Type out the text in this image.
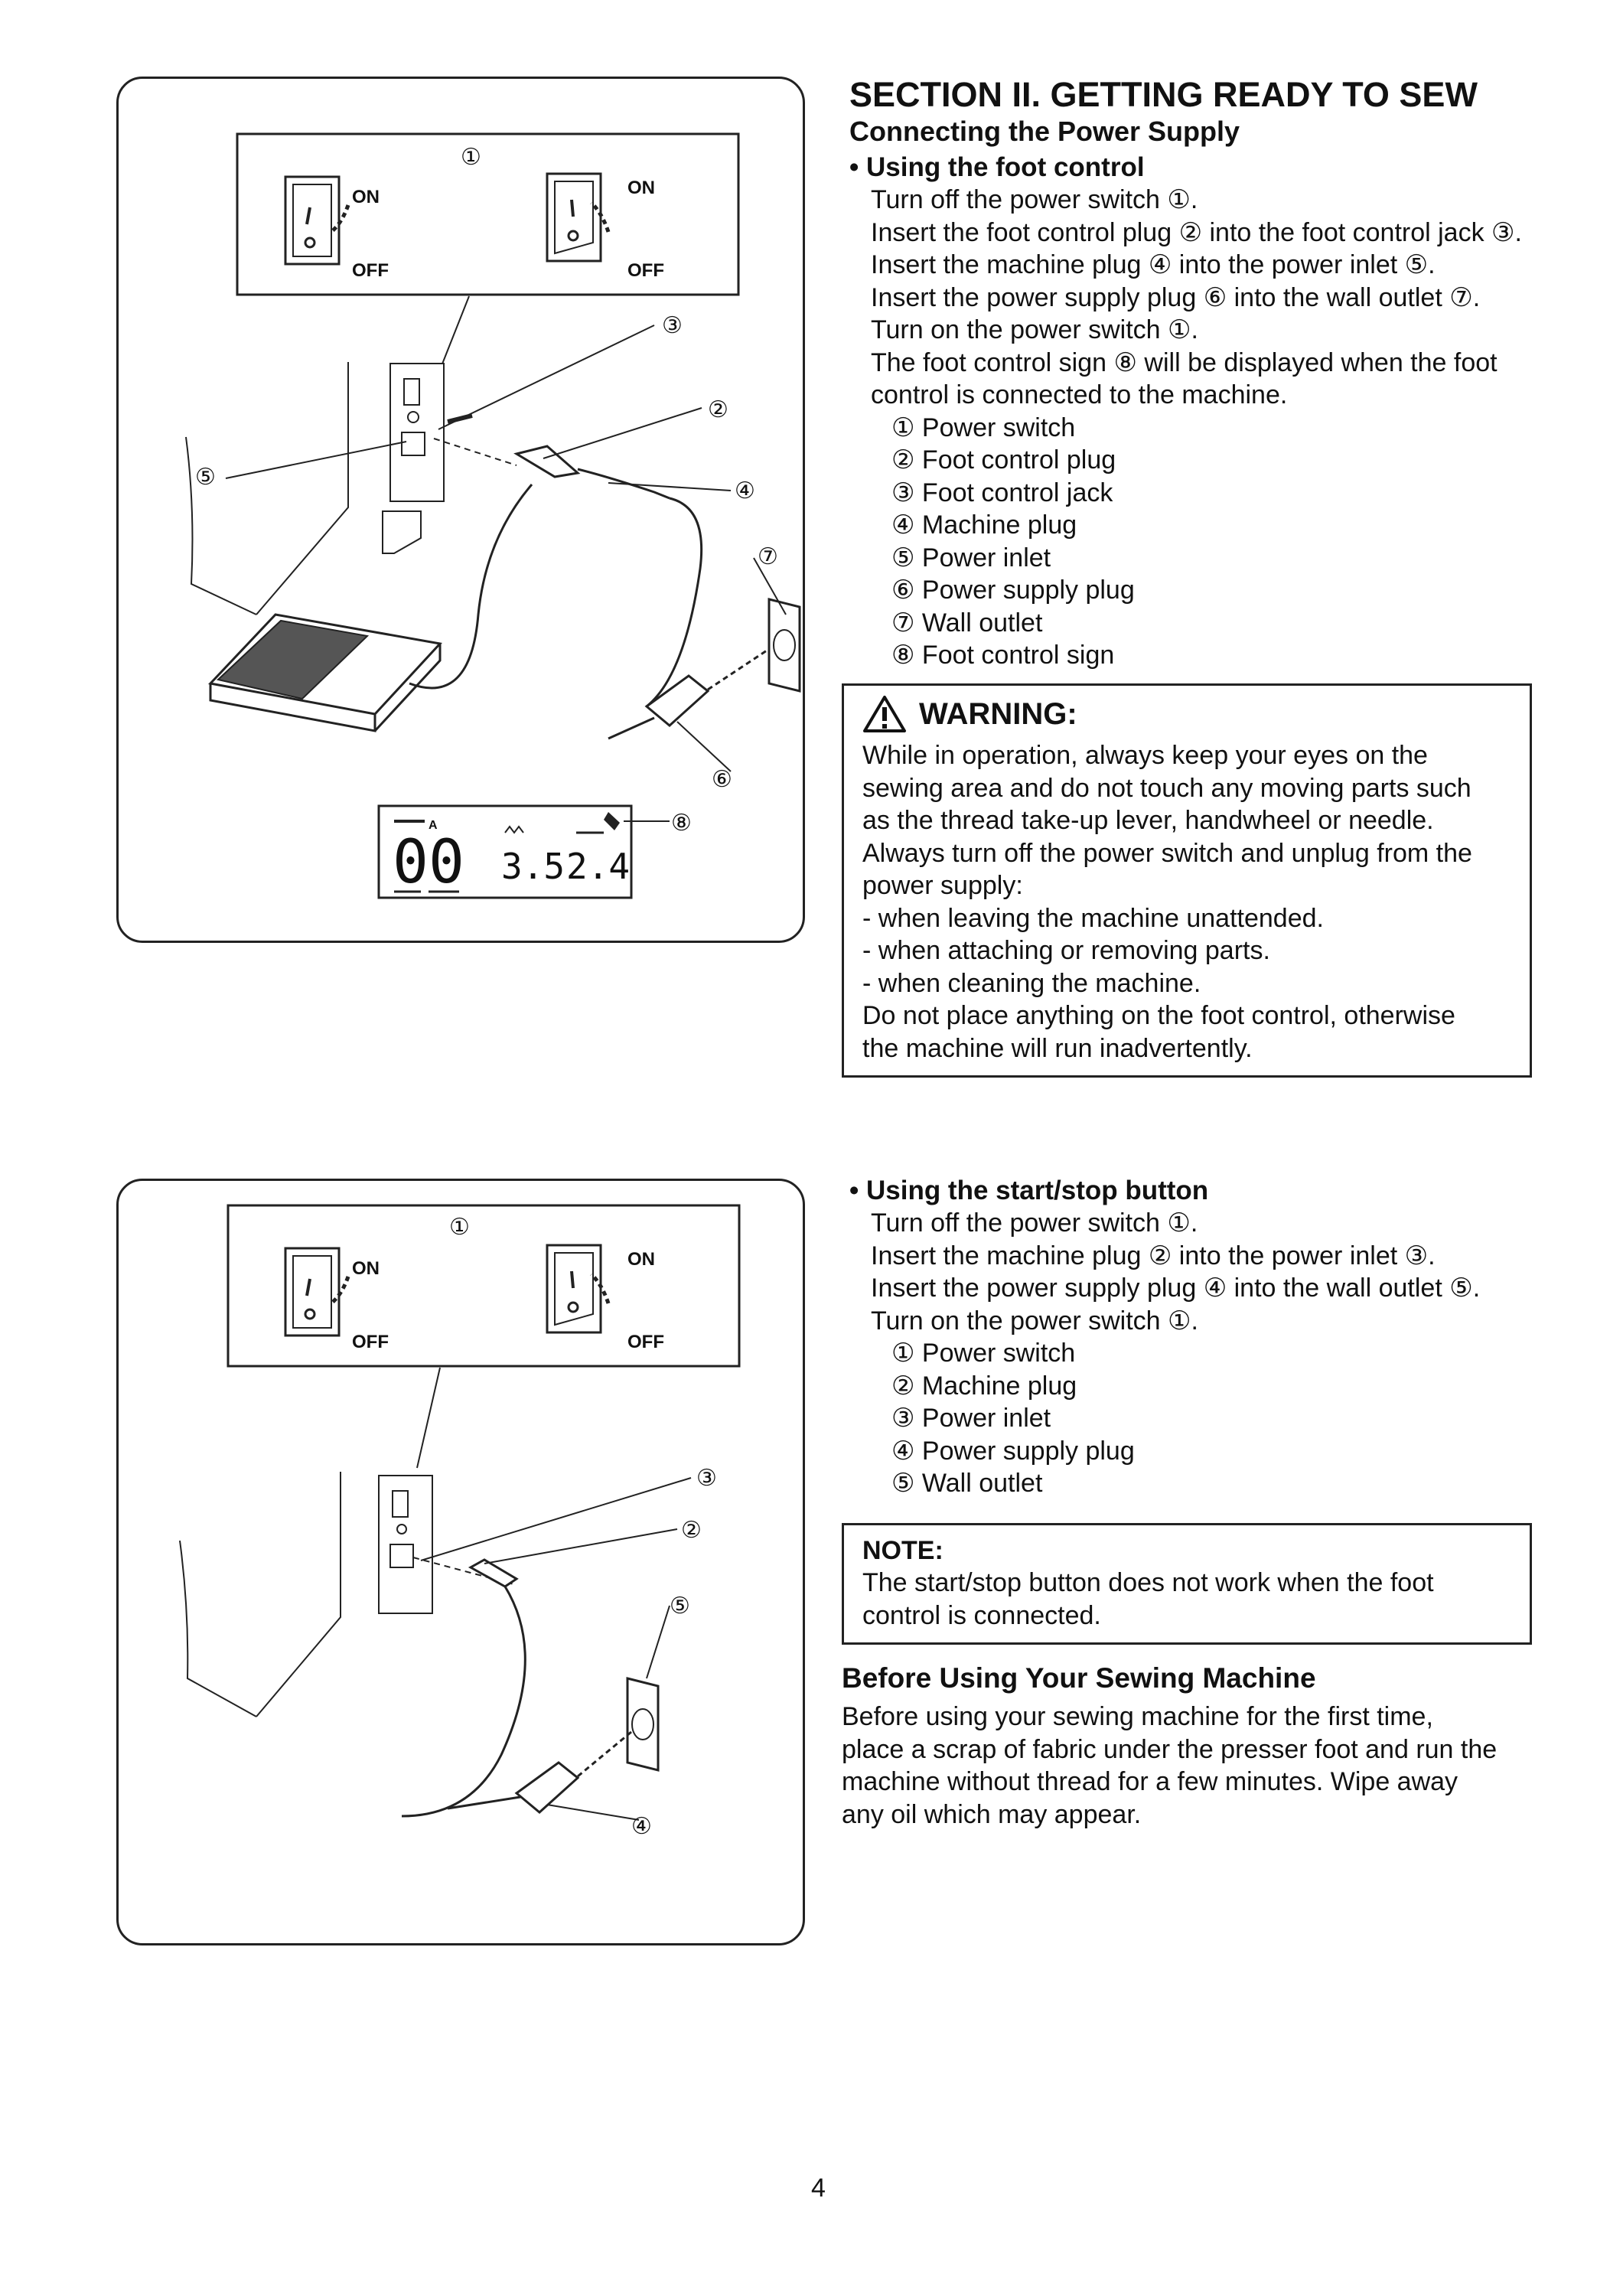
①
ON
OFF
ON
OFF
③
②
④
⑤
⑦
⑥
00
A
3.5 2.4
⑧
①
ON
OFF
ON
OFF
③
②
⑤
④
SECTION II. GETTING READY TO SEW
Connecting the Power Supply
• Using the foot control
Turn off the power switch ①.
Insert the foot control plug ② into the foot control jack ③.
Insert the machine plug ④ into the power inlet ⑤.
Insert the power supply plug ⑥ into the wall outlet ⑦.
Turn on the power switch ①.
The foot control sign ⑧ will be displayed when the foot
control is connected to the machine.
① Power switch
② Foot control plug
③ Foot control jack
④ Machine plug
⑤ Power inlet
⑥ Power supply plug
⑦ Wall outlet
⑧ Foot control sign
WARNING:
While in operation, always keep your eyes on the
sewing area and do not touch any moving parts such
as the thread take-up lever, handwheel or needle.
Always turn off the power switch and unplug from the
power supply:
- when leaving the machine unattended.
- when attaching or removing parts.
- when cleaning the machine.
Do not place anything on the foot control, otherwise
the machine will run inadvertently.
• Using the start/stop button
Turn off the power switch ①.
Insert the machine plug ② into the power inlet ③.
Insert the power supply plug ④ into the wall outlet ⑤.
Turn on the power switch ①.
① Power switch
② Machine plug
③ Power inlet
④ Power supply plug
⑤ Wall outlet
NOTE:
The start/stop button does not work when the foot
control is connected.
Before Using Your Sewing Machine
Before using your sewing machine for the first time,
place a scrap of fabric under the presser foot and run the
machine without thread for a few minutes. Wipe away
any oil which may appear.
4
